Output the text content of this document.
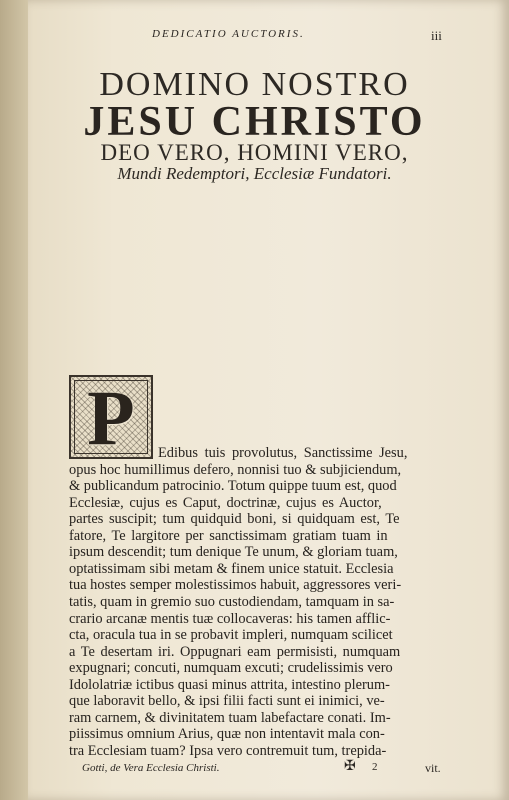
DEDICATIO AUCTORIS.	iii
DOMINO NOSTRO
JESU CHRISTO
DEO VERO, HOMINI VERO,
Mundi Redemptori, Ecclesiæ Fundatori.
P	Edibus tuis provolutus, Sanctissime Jesu,
opus hoc humillimus defero, nonnisi tuo & subjiciendum,
& publicandum patrocinio. Totum quippe tuum est, quod
Ecclesiæ, cujus es Caput, doctrinæ, cujus es Auctor,
partes suscipit; tum quidquid boni, si quidquam est, Te
fatore, Te largitore per sanctissimam gratiam tuam in
ipsum descendit; tum denique Te unum, & gloriam tuam,
optatissimam sibi metam & finem unice statuit. Ecclesia
tua hostes semper molestissimos habuit, aggressores veri-
tatis, quam in gremio suo custodiendam, tamquam in sa-
crario arcanæ mentis tuæ collocaveras: his tamen afflic-
cta, oracula tua in se probavit impleri, numquam scilicet
a Te desertam iri. Oppugnari eam permisisti, numquam
expugnari; concuti, numquam excuti; crudelissimis vero
Idololatriæ ictibus quasi minus attrita, intestino plerum-
que laboravit bello, & ipsi filii facti sunt ei inimici, ve-
ram carnem, & divinitatem tuam labefactare conati. Im-
piissimus omnium Arius, quæ non intentavit mala con-
tra Ecclesiam tuam? Ipsa vero contremuit tum, trepida-
Gotti, de Vera Ecclesia Christi.	✠ 2	vit.
